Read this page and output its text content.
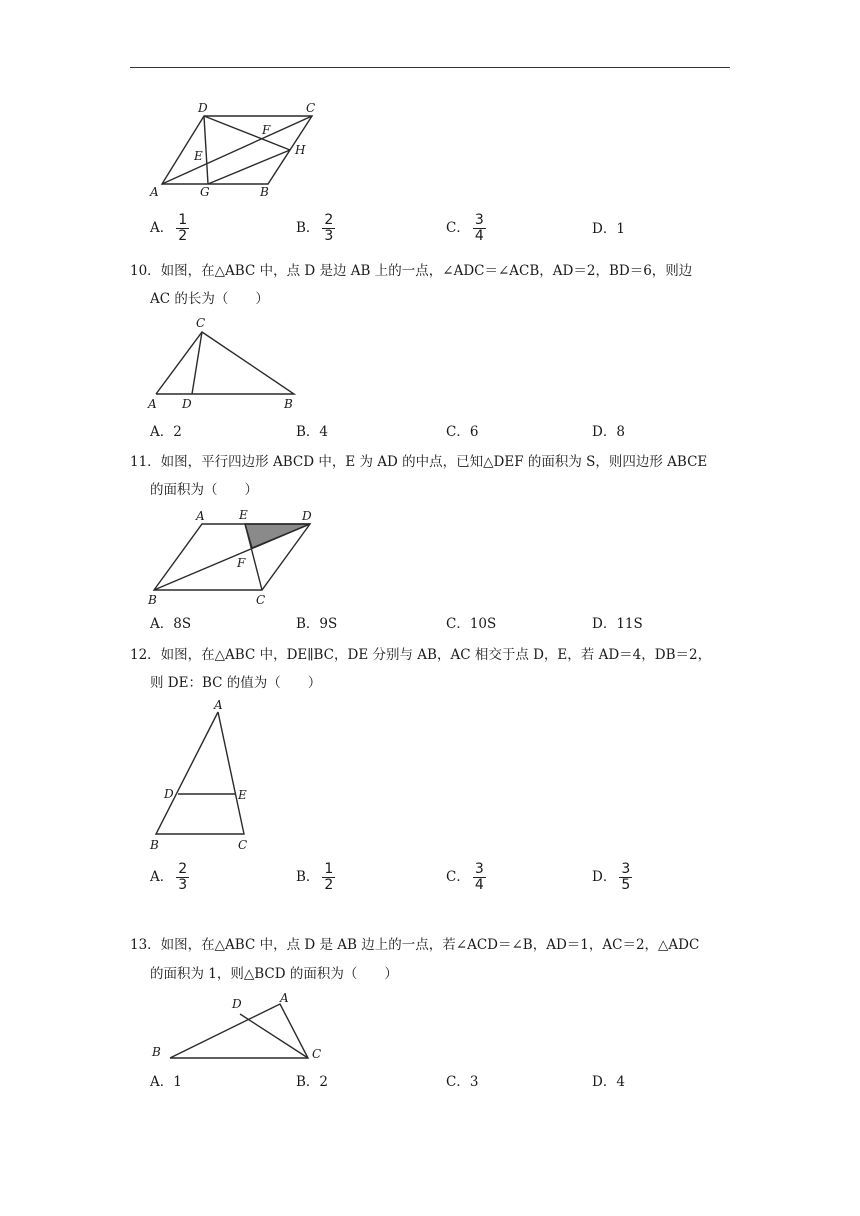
D	C
F
E	H
A	G	B
A． $\frac{1}{2}$	B． $\frac{2}{3}$	C． $\frac{3}{4}$	D．1
10．如图，在△ABC 中，点 D 是边 AB 上的一点，∠ADC＝∠ACB，AD＝2，BD＝6，则边
AC 的长为（　　）
C
A D	B
A．2	B．4	C．6	D．8
11．如图，平行四边形 ABCD 中，E 为 AD 的中点，已知△DEF 的面积为 S，则四边形 ABCE
的面积为（　　）
A	E	D
F
B	C
A．8S	B．9S	C．10S	D．11S
12．如图，在△ABC 中，DE∥BC，DE 分别与 AB，AC 相交于点 D，E，若 AD＝4，DB＝2，
则 DE：BC 的值为（　　）
A
D	E
B	C
A． $\frac{2}{3}$	B． $\frac{1}{2}$	C． $\frac{3}{4}$	D． $\frac{3}{5}$
13．如图，在△ABC 中，点 D 是 AB 边上的一点，若∠ACD＝∠B，AD＝1，AC＝2，△ADC
的面积为 1，则△BCD 的面积为（　　）
D	A
B	C
A．1	B．2	C．3	D．4
